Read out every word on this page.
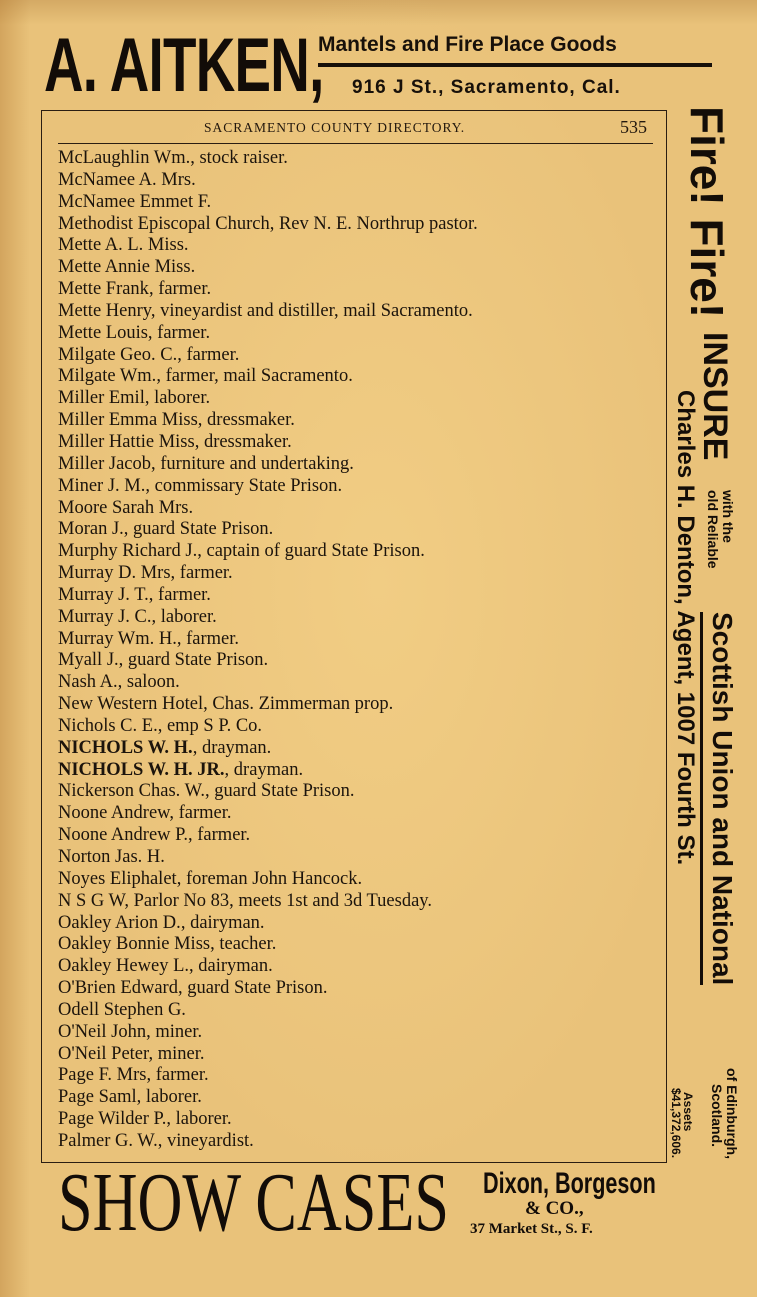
A. AITKEN,
Mantels and Fire Place Goods
916 J St., Sacramento, Cal.
SACRAMENTO COUNTY DIRECTORY.	535
McLaughlin Wm., stock raiser.
McNamee A. Mrs.
McNamee Emmet F.
Methodist Episcopal Church, Rev N. E. Northrup pastor.
Mette A. L. Miss.
Mette Annie Miss.
Mette Frank, farmer.
Mette Henry, vineyardist and distiller, mail Sacramento.
Mette Louis, farmer.
Milgate Geo. C., farmer.
Milgate Wm., farmer, mail Sacramento.
Miller Emil, laborer.
Miller Emma Miss, dressmaker.
Miller Hattie Miss, dressmaker.
Miller Jacob, furniture and undertaking.
Miner J. M., commissary State Prison.
Moore Sarah Mrs.
Moran J., guard State Prison.
Murphy Richard J., captain of guard State Prison.
Murray D. Mrs, farmer.
Murray J. T., farmer.
Murray J. C., laborer.
Murray Wm. H., farmer.
Myall J., guard State Prison.
Nash A., saloon.
New Western Hotel, Chas. Zimmerman prop.
Nichols C. E., emp S P. Co.
NICHOLS W. H., drayman.
NICHOLS W. H. JR., drayman.
Nickerson Chas. W., guard State Prison.
Noone Andrew, farmer.
Noone Andrew P., farmer.
Norton Jas. H.
Noyes Eliphalet, foreman John Hancock.
N S G W, Parlor No 83, meets 1st and 3d Tuesday.
Oakley Arion D., dairyman.
Oakley Bonnie Miss, teacher.
Oakley Hewey L., dairyman.
O'Brien Edward, guard State Prison.
Odell Stephen G.
O'Neil John, miner.
O'Neil Peter, miner.
Page F. Mrs, farmer.
Page Saml, laborer.
Page Wilder P., laborer.
Palmer G. W., vineyardist.
Fire! Fire!
INSURE
with the
old Reliable
Scottish Union and National
of Edinburgh,
Scotland.
Assets
$41,372,606.
Charles H. Denton, Agent, 1007 Fourth St.
SHOW CASES Dixon, Borgeson
& CO.,
37 Market St., S. F.
